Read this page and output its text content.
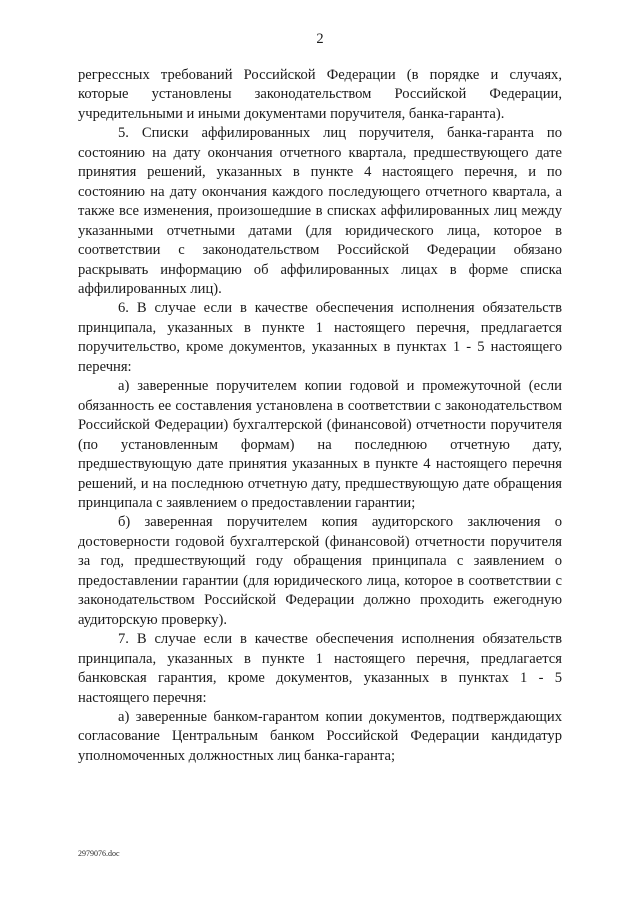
2

регрессных требований Российской Федерации (в порядке и случаях, которые установлены законодательством Российской Федерации, учредительными и иными документами поручителя, банка-гаранта).

5. Списки аффилированных лиц поручителя, банка-гаранта по состоянию на дату окончания отчетного квартала, предшествующего дате принятия решений, указанных в пункте 4 настоящего перечня, и по состоянию на дату окончания каждого последующего отчетного квартала, а также все изменения, произошедшие в списках аффилированных лиц между указанными отчетными датами (для юридического лица, которое в соответствии с законодательством Российской Федерации обязано раскрывать информацию об аффилированных лицах в форме списка аффилированных лиц).

6. В случае если в качестве обеспечения исполнения обязательств принципала, указанных в пункте 1 настоящего перечня, предлагается поручительство, кроме документов, указанных в пунктах 1 - 5 настоящего перечня:

а) заверенные поручителем копии годовой и промежуточной (если обязанность ее составления установлена в соответствии с законодательством Российской Федерации) бухгалтерской (финансовой) отчетности поручителя (по установленным формам) на последнюю отчетную дату, предшествующую дате принятия указанных в пункте 4 настоящего перечня решений, и на последнюю отчетную дату, предшествующую дате обращения принципала с заявлением о предоставлении гарантии;

б) заверенная поручителем копия аудиторского заключения о достоверности годовой бухгалтерской (финансовой) отчетности поручителя за год, предшествующий году обращения принципала с заявлением о предоставлении гарантии (для юридического лица, которое в соответствии с законодательством Российской Федерации должно проходить ежегодную аудиторскую проверку).

7. В случае если в качестве обеспечения исполнения обязательств принципала, указанных в пункте 1 настоящего перечня, предлагается банковская гарантия, кроме документов, указанных в пунктах 1 - 5 настоящего перечня:

а) заверенные банком-гарантом копии документов, подтверждающих согласование Центральным банком Российской Федерации кандидатур уполномоченных должностных лиц банка-гаранта;

2979076.doc
